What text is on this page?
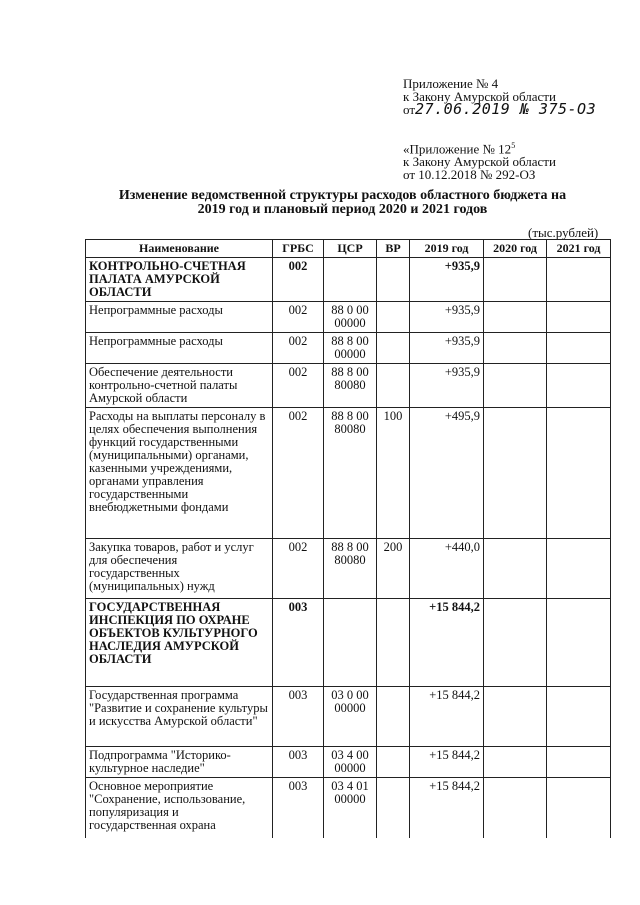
Приложение № 4
к Закону Амурской области
от27.06.2019 № 375-ОЗ
«Приложение № $12^5$
к Закону Амурской области
от 10.12.2018 № 292-ОЗ
Изменение ведомственной структуры расходов областного бюджета на
2019 год и плановый период 2020 и 2021 годов
(тыс.рублей)
Наименование	ГРБС	ЦСР	ВР	2019 год	2020 год	2021 год
КОНТРОЛЬНО-СЧЕТНАЯ ПАЛАТА АМУРСКОЙ ОБЛАСТИ	002			+935,9		
Непрограммные расходы	002	88 0 00 00000		+935,9		
Непрограммные расходы	002	88 8 00 00000		+935,9		
Обеспечение деятельности контрольно-счетной палаты Амурской области	002	88 8 00 80080		+935,9		
Расходы на выплаты персоналу в целях обеспечения выполнения функций государственными (муниципальными) органами, казенными учреждениями, органами управления государственными внебюджетными фондами	002	88 8 00 80080	100	+495,9		
Закупка товаров, работ и услуг для обеспечения государственных (муниципальных) нужд	002	88 8 00 80080	200	+440,0		
ГОСУДАРСТВЕННАЯ ИНСПЕКЦИЯ ПО ОХРАНЕ ОБЪЕКТОВ КУЛЬТУРНОГО НАСЛЕДИЯ АМУРСКОЙ ОБЛАСТИ	003			+15 844,2		
Государственная программа "Развитие и сохранение культуры и искусства Амурской области"	003	03 0 00 00000		+15 844,2		
Подпрограмма "Историко-культурное наследие"	003	03 4 00 00000		+15 844,2		
Основное мероприятие "Сохранение, использование, популяризация и государственная охрана	003	03 4 01 00000		+15 844,2		
